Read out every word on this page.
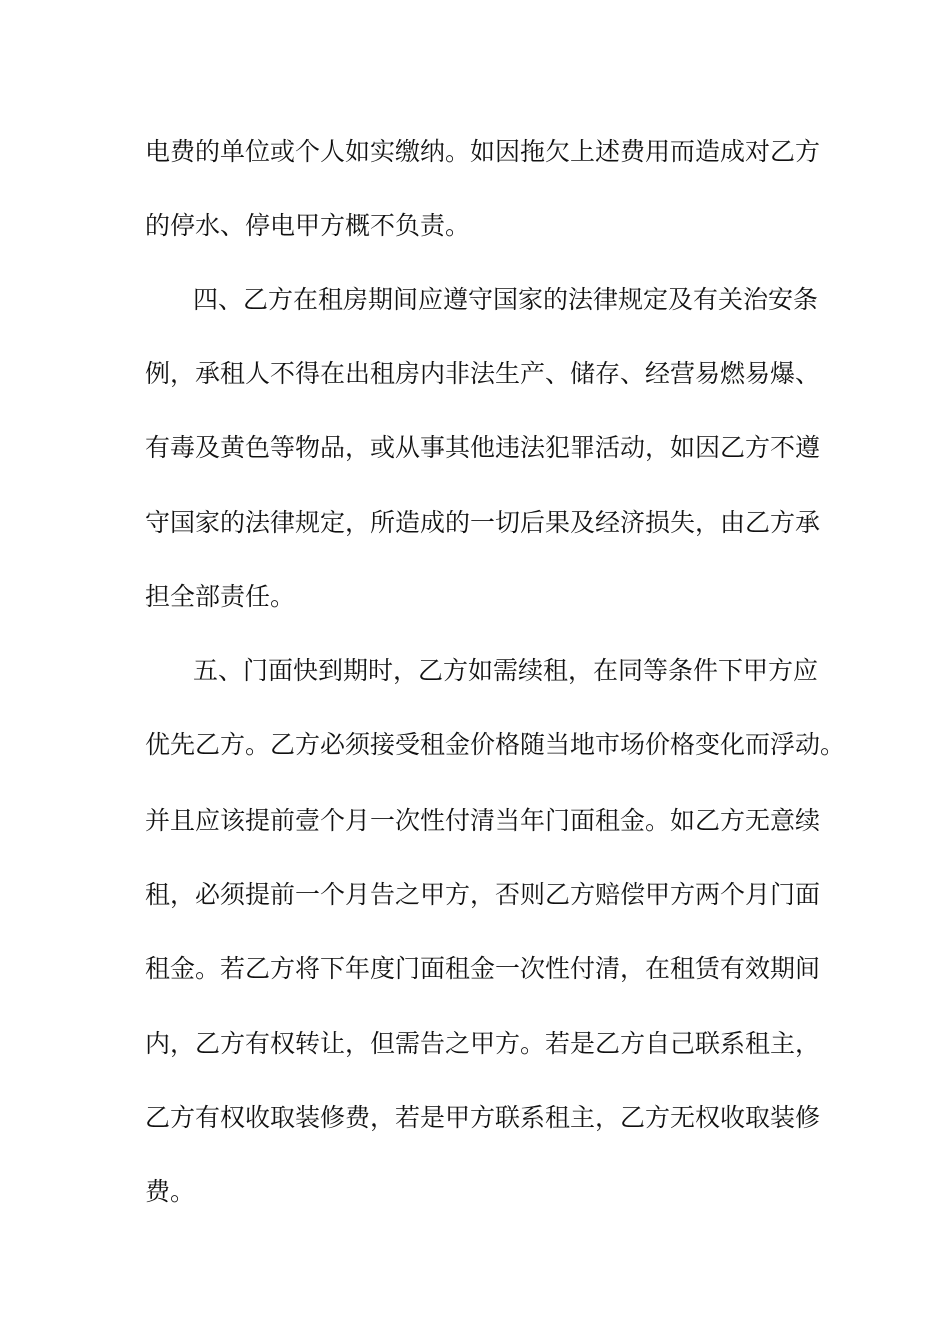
电费的单位或个人如实缴纳。如因拖欠上述费用而造成对乙方

的停水、停电甲方概不负责。

四、乙方在租房期间应遵守国家的法律规定及有关治安条

例，承租人不得在出租房内非法生产、储存、经营易燃易爆、

有毒及黄色等物品，或从事其他违法犯罪活动，如因乙方不遵

守国家的法律规定，所造成的一切后果及经济损失，由乙方承

担全部责任。

五、门面快到期时，乙方如需续租，在同等条件下甲方应

优先乙方。乙方必须接受租金价格随当地市场价格变化而浮动。

并且应该提前壹个月一次性付清当年门面租金。如乙方无意续

租，必须提前一个月告之甲方，否则乙方赔偿甲方两个月门面

租金。若乙方将下年度门面租金一次性付清，在租赁有效期间

内，乙方有权转让，但需告之甲方。若是乙方自己联系租主，

乙方有权收取装修费，若是甲方联系租主，乙方无权收取装修

费。
